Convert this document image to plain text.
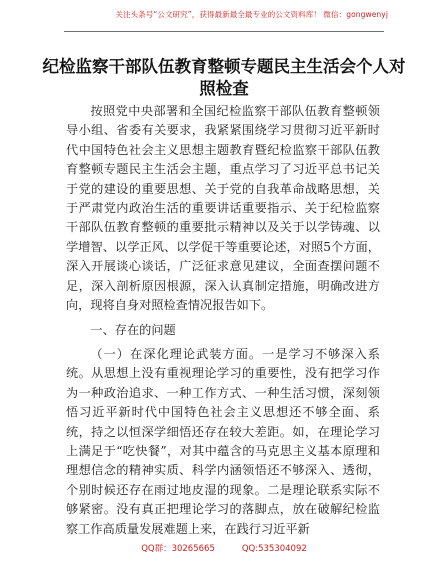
关注头条号“公文研究”，获得最新最全最专业的公文资料库！ 微信：gongwenyj
纪检监察干部队伍教育整顿专题民主生活会个人对照检查

按照党中央部署和全国纪检监察干部队伍教育整顿领导小组、省委有关要求，我紧紧围绕学习贯彻习近平新时代中国特色社会主义思想主题教育暨纪检监察干部队伍教育整顿专题民主生活会主题，重点学习了习近平总书记关于党的建设的重要思想、关于党的自我革命战略思想，关于严肃党内政治生活的重要讲话重要指示、关于纪检监察干部队伍教育整顿的重要批示精神以及关于以学铸魂、以学增智、以学正风、以学促干等重要论述，对照5个方面，深入开展谈心谈话，广泛征求意见建议，全面查摆问题不足，深入剖析原因根源，深入认真制定措施，明确改进方向，现将自身对照检查情况报告如下。

一、存在的问题

（一）在深化理论武装方面。一是学习不够深入系统。从思想上没有重视理论学习的重要性，没有把学习作为一种政治追求、一种工作方式、一种生活习惯，深刻领悟习近平新时代中国特色社会主义思想还不够全面、系统，持之以恒深学细悟还存在较大差距。如，在理论学习上满足于“吃快餐”，对其中蕴含的马克思主义基本原理和理想信念的精神实质、科学内涵领悟还不够深入、透彻，个别时候还存在雨过地皮湿的现象。二是理论联系实际不够紧密。没有真正把理论学习的落脚点，放在破解纪检监察工作高质量发展难题上来，在践行习近平新

QQ群：30265665          QQ:535304092
